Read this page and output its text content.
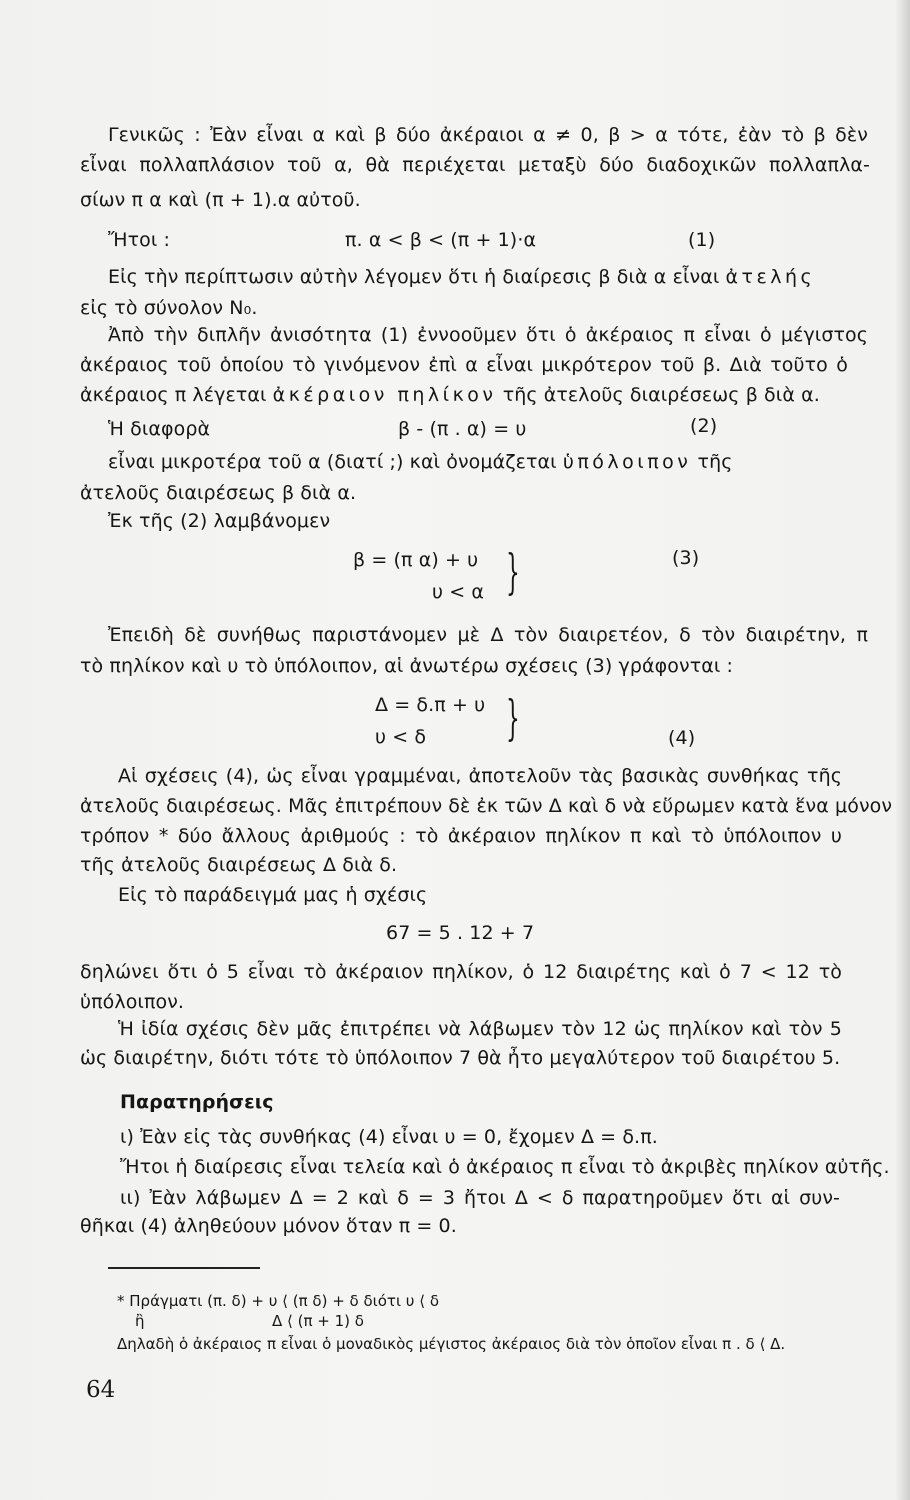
Γενικῶς : Ἐὰν εἶναι α καὶ β δύο ἀκέραιοι α ≠ 0, β > α τότε, ἐὰν τὸ β δὲν

εἶναι πολλαπλάσιον τοῦ α, θὰ περιέχεται μεταξὺ δύο διαδοχικῶν πολλαπλα-

σίων π α καὶ (π + 1).α αὐτοῦ.

Ἤτοι :	π. α < β < (π + 1)·α	(1)

Εἰς τὴν περίπτωσιν αὐτὴν λέγομεν ὅτι ἡ διαίρεσις β διὰ α εἶναι ἀτελής

εἰς τὸ σύνολον N₀.

Ἀπὸ τὴν διπλῆν ἀνισότητα (1) ἐννοοῦμεν ὅτι ὁ ἀκέραιος π εἶναι ὁ μέγιστος

ἀκέραιος τοῦ ὁποίου τὸ γινόμενον ἐπὶ α εἶναι μικρότερον τοῦ β. Διὰ τοῦτο ὁ

ἀκέραιος π λέγεται ἀκέραιον πηλίκον τῆς ἀτελοῦς διαιρέσεως β διὰ α.

Ἡ διαφορὰ	β - (π . α) = υ	(2)

εἶναι μικροτέρα τοῦ α (διατί ;) καὶ ὀνομάζεται ὑπόλοιπον τῆς

ἀτελοῦς διαιρέσεως β διὰ α.

Ἐκ τῆς (2) λαμβάνομεν

β = (π α) + υ

υ < α }	(3)

Ἐπειδὴ δὲ συνήθως παριστάνομεν μὲ Δ τὸν διαιρετέον, δ τὸν διαιρέτην, π

τὸ πηλίκον καὶ υ τὸ ὑπόλοιπον, αἱ ἀνωτέρω σχέσεις (3) γράφονται :

Δ = δ.π + υ

υ < δ }	(4)

Αἱ σχέσεις (4), ὡς εἶναι γραμμέναι, ἀποτελοῦν τὰς βασικὰς συνθήκας τῆς

ἀτελοῦς διαιρέσεως. Μᾶς ἐπιτρέπουν δὲ ἐκ τῶν Δ καὶ δ νὰ εὕρωμεν κατὰ ἕνα μόνον

τρόπον * δύο ἄλλους ἀριθμούς : τὸ ἀκέραιον πηλίκον π καὶ τὸ ὑπόλοιπον υ

τῆς ἀτελοῦς διαιρέσεως Δ διὰ δ.

Εἰς τὸ παράδειγμά μας ἡ σχέσις

67 = 5 . 12 + 7

δηλώνει ὅτι ὁ 5 εἶναι τὸ ἀκέραιον πηλίκον, ὁ 12 διαιρέτης καὶ ὁ 7 < 12 τὸ

ὑπόλοιπον.

Ἡ ἰδία σχέσις δὲν μᾶς ἐπιτρέπει νὰ λάβωμεν τὸν 12 ὡς πηλίκον καὶ τὸν 5

ὡς διαιρέτην, διότι τότε τὸ ὑπόλοιπον 7 θὰ ἦτο μεγαλύτερον τοῦ διαιρέτου 5.

Παρατηρήσεις

ι) Ἐὰν εἰς τὰς συνθήκας (4) εἶναι υ = 0, ἔχομεν Δ = δ.π.

Ἤτοι ἡ διαίρεσις εἶναι τελεία καὶ ὁ ἀκέραιος π εἶναι τὸ ἀκριβὲς πηλίκον αὐτῆς.

ιι) Ἐὰν λάβωμεν Δ = 2 καὶ δ = 3 ἤτοι Δ < δ παρατηροῦμεν ὅτι αἱ συν-

θῆκαι (4) ἀληθεύουν μόνον ὅταν π = 0.

* Πράγματι (π. δ) + υ ⟨ (π δ) + δ διότι υ ⟨ δ

ἢ	Δ ⟨ (π + 1) δ

Δηλαδὴ ὁ ἀκέραιος π εἶναι ὁ μοναδικὸς μέγιστος ἀκέραιος διὰ τὸν ὁποῖον εἶναι π . δ ⟨ Δ.

64
